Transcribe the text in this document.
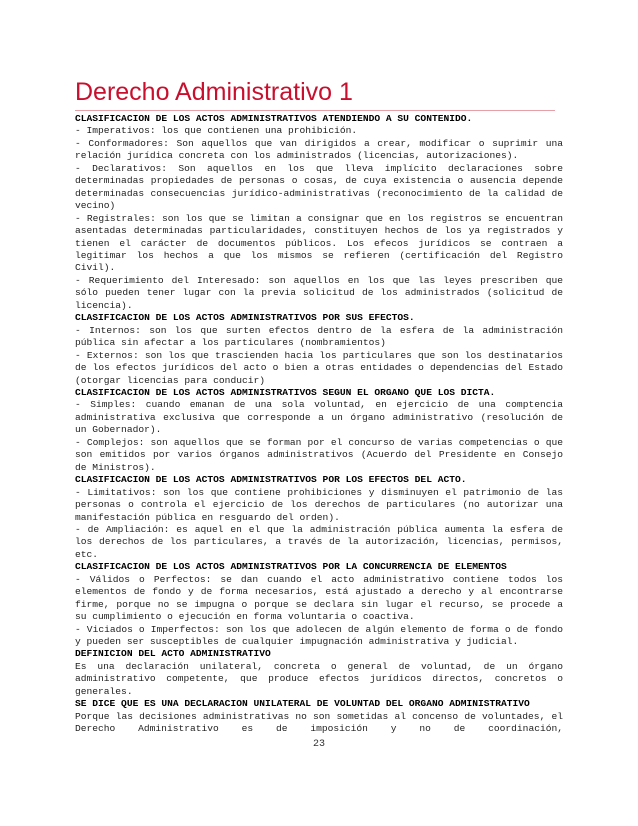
Derecho Administrativo 1

CLASIFICACION DE LOS ACTOS ADMINISTRATIVOS ATENDIENDO A SU CONTENIDO.

- Imperativos: los que contienen una prohibición.

- Conformadores: Son aquellos que van dirigidos a crear, modificar o suprimir una relación jurídica concreta con los administrados (licencias, autorizaciones).

- Declarativos: Son aquellos en los que lleva implícito declaraciones sobre determinadas propiedades de personas o cosas, de cuya existencia o ausencia depende determinadas consecuencias jurídico-administrativas (reconocimiento de la calidad de vecino)

- Registrales: son los que se limitan a consignar que en los registros se encuentran asentadas determinadas particularidades, constituyen hechos de los ya registrados y tienen el carácter de documentos públicos. Los efecos jurídicos se contraen a legitimar los hechos a que los mismos se refieren (certificación del Registro Civil).

- Requerimiento del Interesado: son aquellos en los que las leyes prescriben que sólo pueden tener lugar con la previa solicitud de los administrados (solicitud de licencia).

CLASIFICACION DE LOS ACTOS ADMINISTRATIVOS POR SUS EFECTOS.

- Internos: son los que surten efectos dentro de la esfera de la administración pública sin afectar a los particulares (nombramientos)

- Externos: son los que trascienden hacia los particulares que son los destinatarios de los efectos jurídicos del acto o bien a otras entidades o dependencias del Estado (otorgar licencias para conducir)

CLASIFICACION DE LOS ACTOS ADMINISTRATIVOS SEGUN EL ORGANO QUE LOS DICTA.

- Simples: cuando emanan de una sola voluntad, en ejercicio de una comptencia administrativa exclusiva que corresponde a un órgano administrativo (resolución de un Gobernador).

- Complejos: son aquellos que se forman por el concurso de varias competencias o que son emitidos por varios órganos administrativos (Acuerdo del Presidente en Consejo de Ministros).

CLASIFICACION DE LOS ACTOS ADMINISTRATIVOS POR LOS EFECTOS DEL ACTO.

- Limitativos: son los que contiene prohibiciones y disminuyen el patrimonio de las personas o controla el ejercicio de los derechos de particulares (no autorizar una manifestación pública en resguardo del orden).

- de Ampliación: es aquel en el que la administración pública aumenta la esfera de los derechos de los particulares, a través de la autorización, licencias, permisos, etc.

CLASIFICACION DE LOS ACTOS ADMINISTRATIVOS POR LA CONCURRENCIA DE ELEMENTOS

- Válidos o Perfectos: se dan cuando el acto administrativo contiene todos los elementos de fondo y de forma necesarios, está ajustado a derecho y al encontrarse firme, porque no se impugna o porque se declara sin lugar el recurso, se procede a su cumplimiento o ejecución en forma voluntaria o coactiva.

- Viciados o Imperfectos: son los que adolecen de algún elemento de forma o de fondo y pueden ser susceptibles de cualquier impugnación administrativa y judicial.

DEFINICION DEL ACTO ADMINISTRATIVO

Es una declaración unilateral, concreta o general de voluntad, de un órgano administrativo competente, que produce efectos jurídicos directos, concretos o generales.

SE DICE QUE ES UNA DECLARACION UNILATERAL DE VOLUNTAD DEL ORGANO ADMINISTRATIVO

Porque las decisiones administrativas no son sometidas al concenso de voluntades, el Derecho Administrativo es de imposición y no de coordinación,

23
